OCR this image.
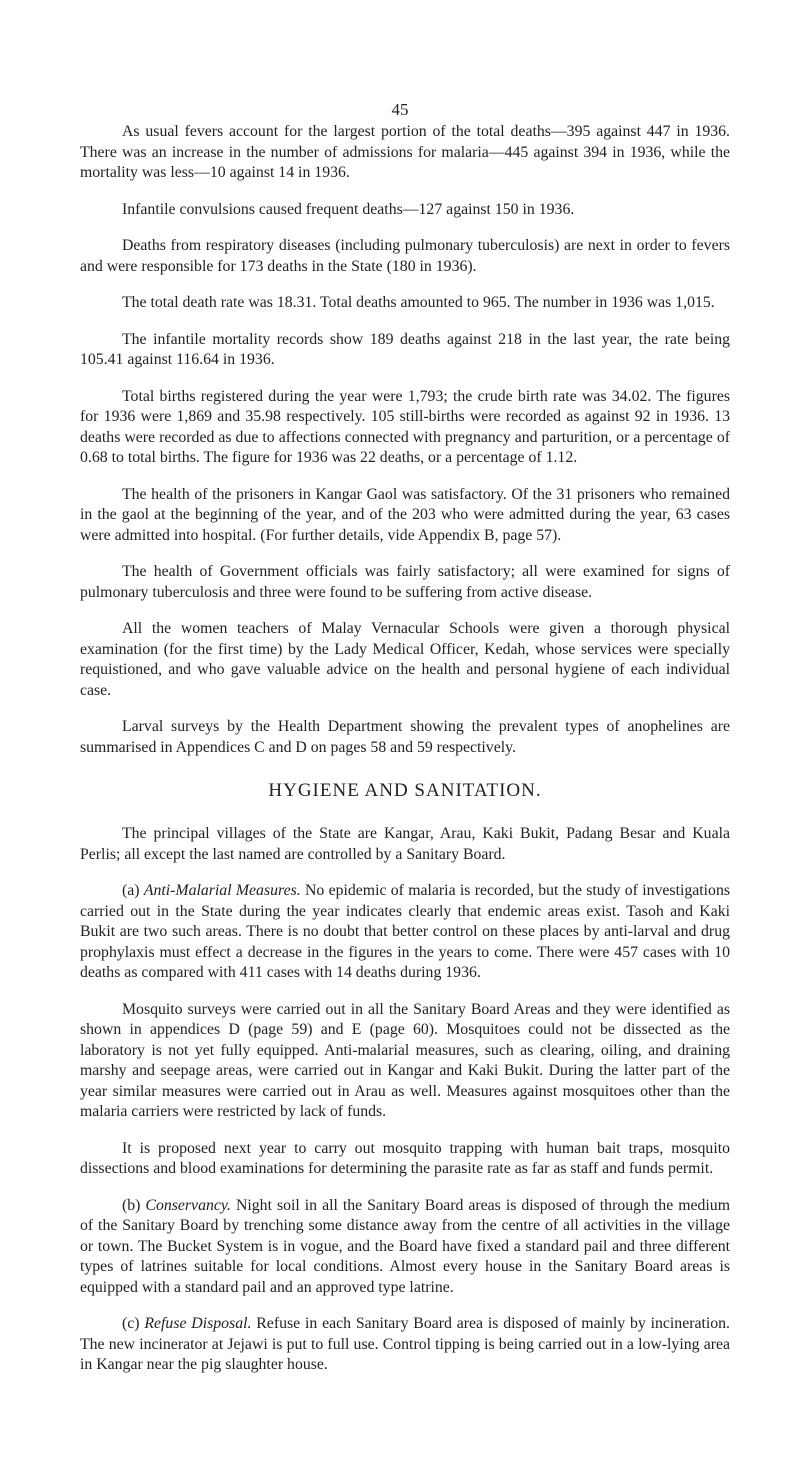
45

As usual fevers account for the largest portion of the total deaths—395 against 447 in 1936. There was an increase in the number of admissions for malaria—445 against 394 in 1936, while the mortality was less—10 against 14 in 1936.

Infantile convulsions caused frequent deaths—127 against 150 in 1936.

Deaths from respiratory diseases (including pulmonary tuberculosis) are next in order to fevers and were responsible for 173 deaths in the State (180 in 1936).

The total death rate was 18.31. Total deaths amounted to 965. The number in 1936 was 1,015.

The infantile mortality records show 189 deaths against 218 in the last year, the rate being 105.41 against 116.64 in 1936.

Total births registered during the year were 1,793; the crude birth rate was 34.02. The figures for 1936 were 1,869 and 35.98 respectively. 105 still-births were recorded as against 92 in 1936. 13 deaths were recorded as due to affections connected with pregnancy and parturition, or a percentage of 0.68 to total births. The figure for 1936 was 22 deaths, or a percentage of 1.12.

The health of the prisoners in Kangar Gaol was satisfactory. Of the 31 prisoners who remained in the gaol at the beginning of the year, and of the 203 who were admitted during the year, 63 cases were admitted into hospital. (For further details, vide Appendix B, page 57).

The health of Government officials was fairly satisfactory; all were examined for signs of pulmonary tuberculosis and three were found to be suffering from active disease.

All the women teachers of Malay Vernacular Schools were given a thorough physical examination (for the first time) by the Lady Medical Officer, Kedah, whose services were specially requistioned, and who gave valuable advice on the health and personal hygiene of each individual case.

Larval surveys by the Health Department showing the prevalent types of anophelines are summarised in Appendices C and D on pages 58 and 59 respectively.

HYGIENE AND SANITATION.

The principal villages of the State are Kangar, Arau, Kaki Bukit, Padang Besar and Kuala Perlis; all except the last named are controlled by a Sanitary Board.

(a) Anti-Malarial Measures. No epidemic of malaria is recorded, but the study of investigations carried out in the State during the year indicates clearly that endemic areas exist. Tasoh and Kaki Bukit are two such areas. There is no doubt that better control on these places by anti-larval and drug prophylaxis must effect a decrease in the figures in the years to come. There were 457 cases with 10 deaths as compared with 411 cases with 14 deaths during 1936.

Mosquito surveys were carried out in all the Sanitary Board Areas and they were identified as shown in appendices D (page 59) and E (page 60). Mosquitoes could not be dissected as the laboratory is not yet fully equipped. Anti-malarial measures, such as clearing, oiling, and draining marshy and seepage areas, were carried out in Kangar and Kaki Bukit. During the latter part of the year similar measures were carried out in Arau as well. Measures against mosquitoes other than the malaria carriers were restricted by lack of funds.

It is proposed next year to carry out mosquito trapping with human bait traps, mosquito dissections and blood examinations for determining the parasite rate as far as staff and funds permit.

(b) Conservancy. Night soil in all the Sanitary Board areas is disposed of through the medium of the Sanitary Board by trenching some distance away from the centre of all activities in the village or town. The Bucket System is in vogue, and the Board have fixed a standard pail and three different types of latrines suitable for local conditions. Almost every house in the Sanitary Board areas is equipped with a standard pail and an approved type latrine.

(c) Refuse Disposal. Refuse in each Sanitary Board area is disposed of mainly by incineration. The new incinerator at Jejawi is put to full use. Control tipping is being carried out in a low-lying area in Kangar near the pig slaughter house.
